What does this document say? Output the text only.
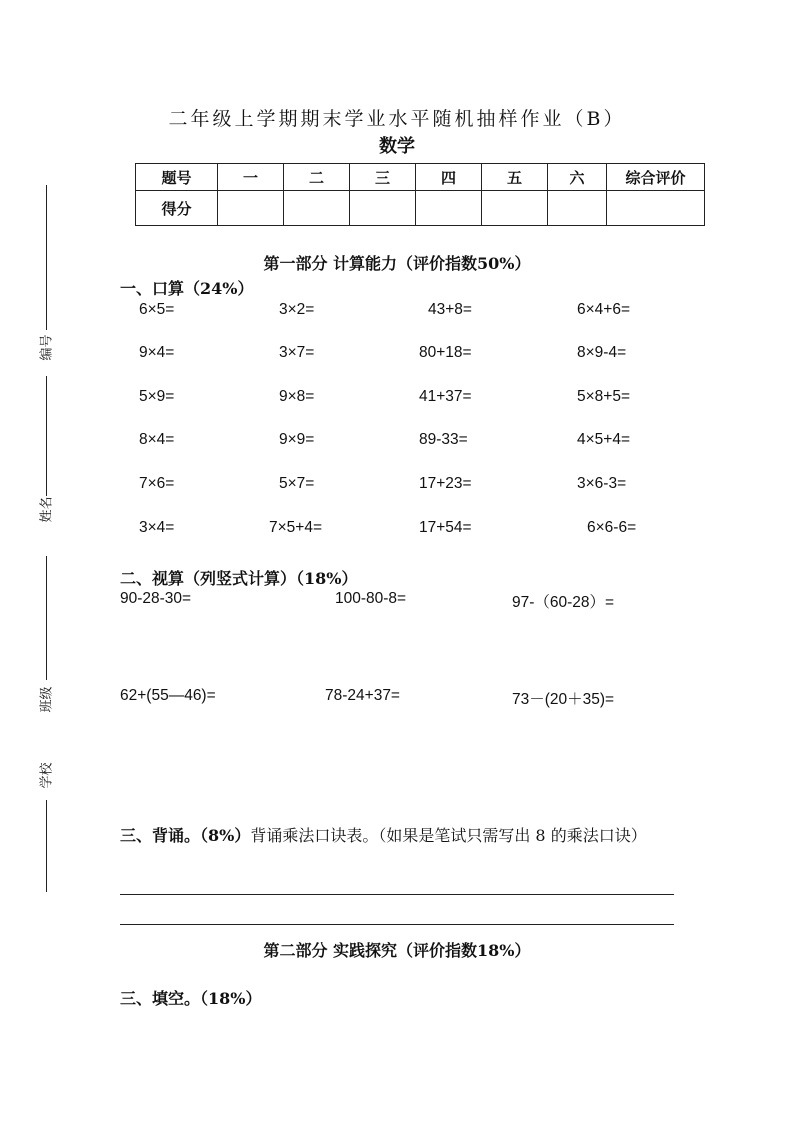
编号
姓名
班级
学校
二年级上学期期末学业水平随机抽样作业（B）
数学
题号	一	二	三	四	五	六	综合评价
得分							
第一部分 计算能力（评价指数50%）
一、口算（24%）
6×5=	3×2=	43+8=	6×4+6=
9×4=	3×7=	80+18=	8×9-4=
5×9=	9×8=	41+37=	5×8+5=
8×4=	9×9=	89-33=	4×5+4=
7×6=	5×7=	17+23=	3×6-3=
3×4=	7×5+4=	17+54=	6×6-6=
二、视算（列竖式计算）（18%）
90-28-30=	100-80-8=	97-（60-28）=
62+(55—46)=	78-24+37=	73－(20＋35)=
三、背诵。（8%）背诵乘法口诀表。（如果是笔试只需写出 8 的乘法口诀）
第二部分 实践探究（评价指数18%）
三、填空。（18%）
